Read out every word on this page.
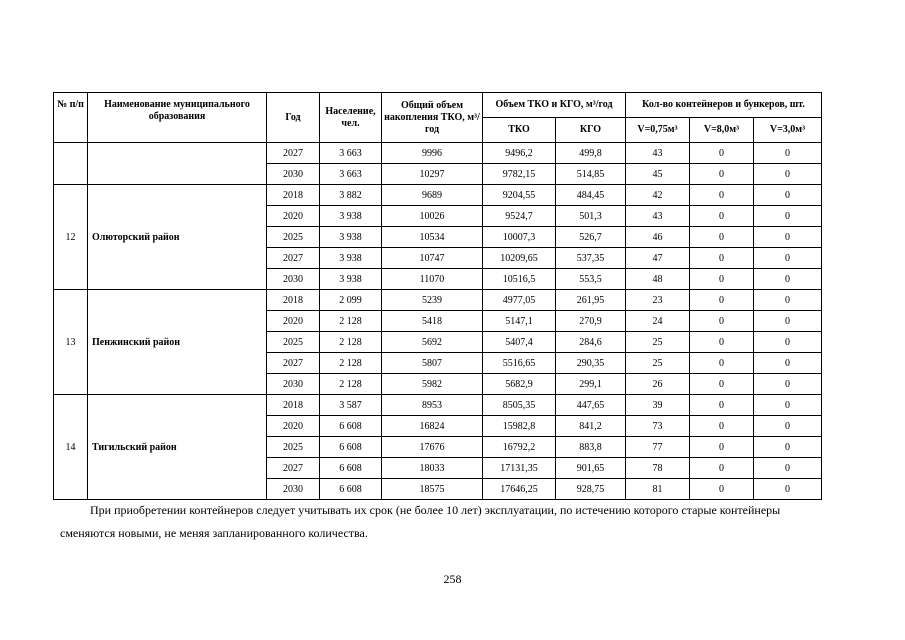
№ п/п	Наименование муниципального образования	Год	Население, чел.	Общий объем накопления ТКО, м³/год	Объем ТКО и КГО, м³/год		Кол-во контейнеров и бункеров, шт.		
					ТКО	КГО	V=0,75м³	V=8,0м³	V=3,0м³
		2027	3 663	9996	9496,2	499,8	43	0	0
		2030	3 663	10297	9782,15	514,85	45	0	0
12	Олюторский район	2018	3 882	9689	9204,55	484,45	42	0	0
		2020	3 938	10026	9524,7	501,3	43	0	0
		2025	3 938	10534	10007,3	526,7	46	0	0
		2027	3 938	10747	10209,65	537,35	47	0	0
		2030	3 938	11070	10516,5	553,5	48	0	0
13	Пенжинский район	2018	2 099	5239	4977,05	261,95	23	0	0
		2020	2 128	5418	5147,1	270,9	24	0	0
		2025	2 128	5692	5407,4	284,6	25	0	0
		2027	2 128	5807	5516,65	290,35	25	0	0
		2030	2 128	5982	5682,9	299,1	26	0	0
14	Тигильский район	2018	3 587	8953	8505,35	447,65	39	0	0
		2020	6 608	16824	15982,8	841,2	73	0	0
		2025	6 608	17676	16792,2	883,8	77	0	0
		2027	6 608	18033	17131,35	901,65	78	0	0
		2030	6 608	18575	17646,25	928,75	81	0	0

При приобретении контейнеров следует учитывать их срок (не более 10 лет) эксплуатации, по истечению которого старые контейнеры

сменяются новыми, не меняя запланированного количества.

258
